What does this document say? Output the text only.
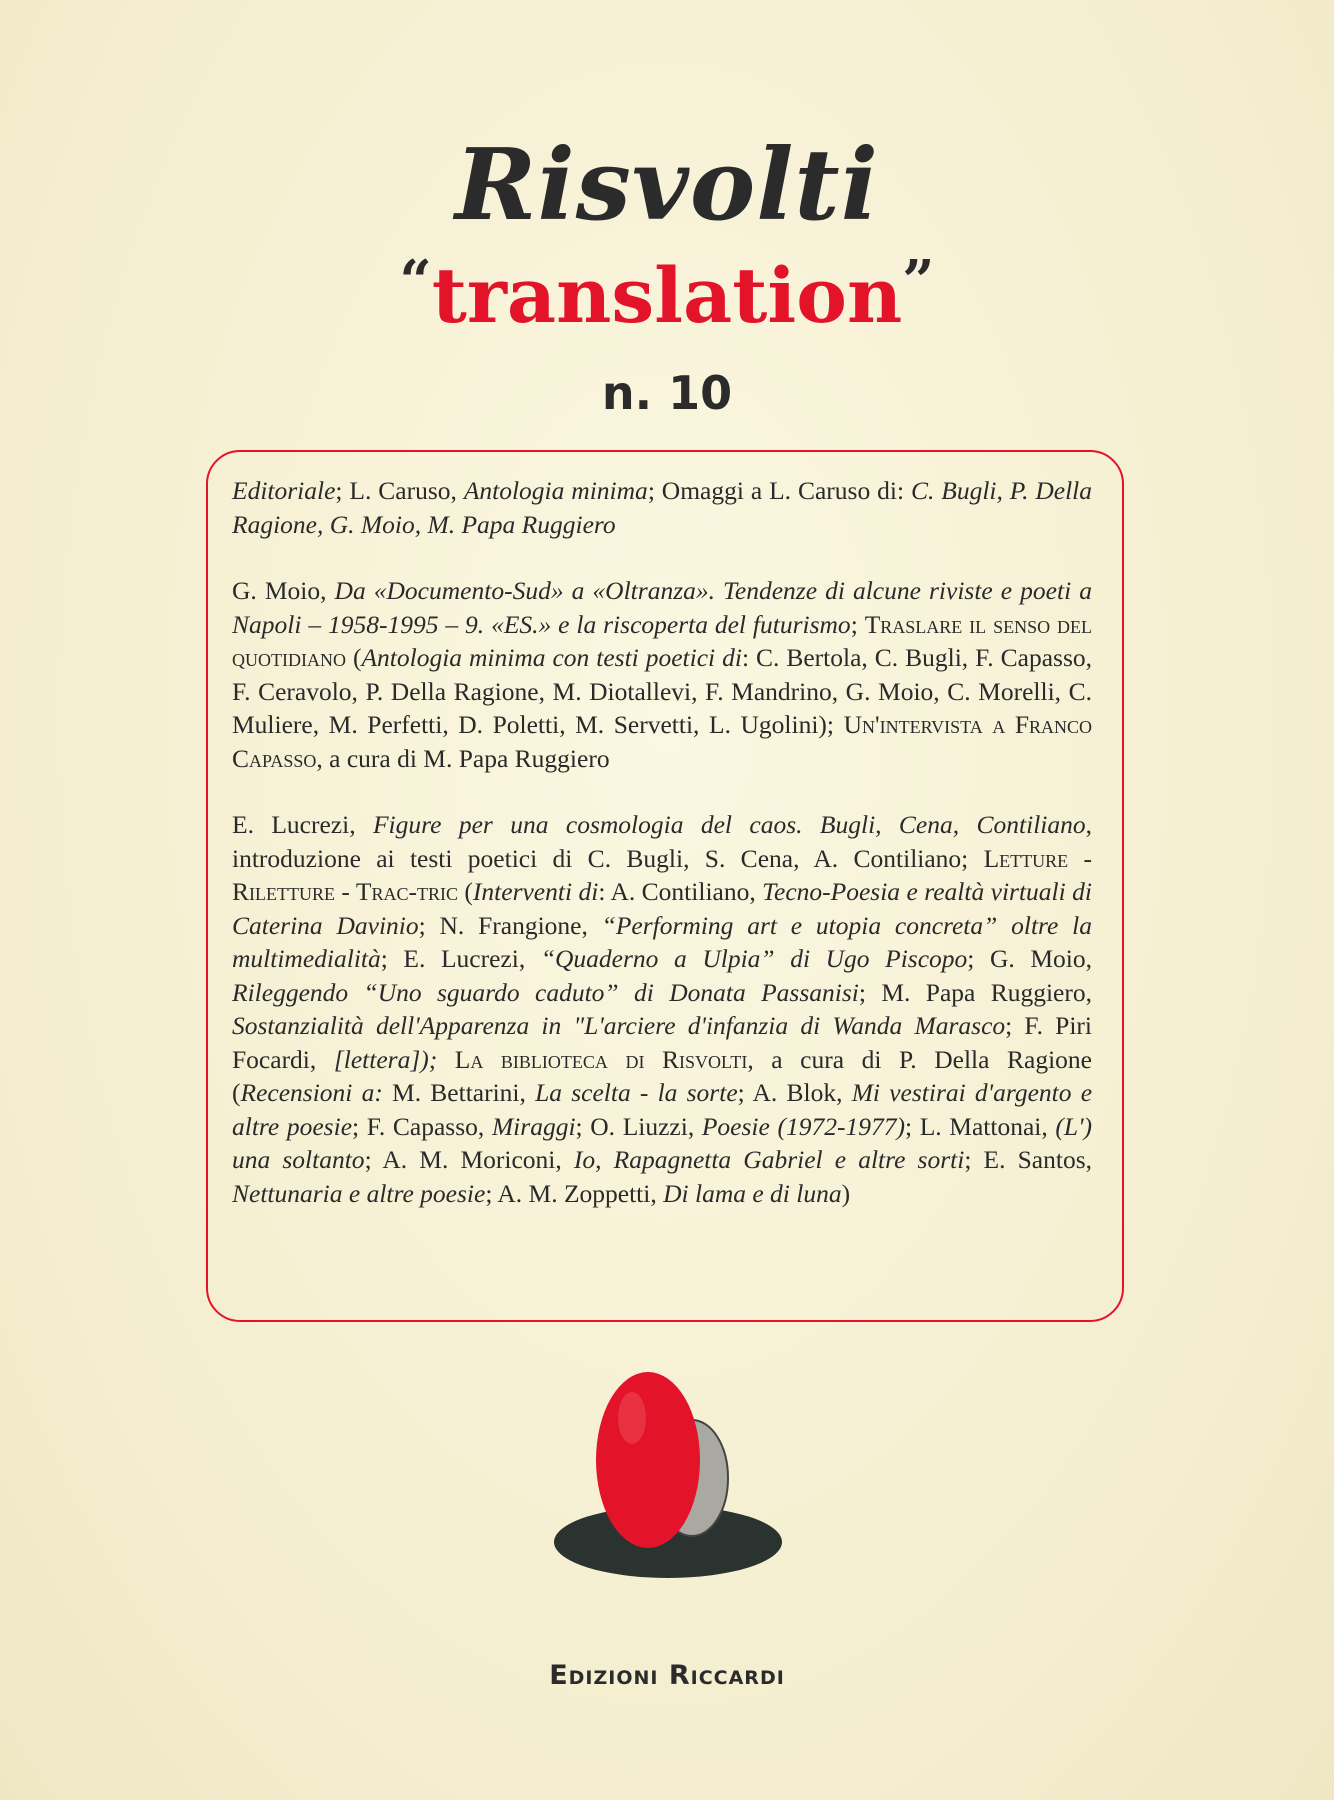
Risvolti
“translation”
n. 10

Editoriale; L. Caruso, Antologia minima; Omaggi a L. Caruso di: C. Bugli, P. Della Ragione, G. Moio, M. Papa Ruggiero

G. Moio, Da «Documento-Sud» a «Oltranza». Tendenze di alcune riviste e poeti a Napoli – 1958-1995 – 9. «ES.» e la riscoperta del futurismo; Traslare il senso del quotidiano (Antologia minima con testi poetici di: C. Bertola, C. Bugli, F. Capasso, F. Ceravolo, P. Della Ragione, M. Diotallevi, F. Mandrino, G. Moio, C. Morelli, C. Muliere, M. Perfetti, D. Poletti, M. Servetti, L. Ugolini); Un'intervista a Franco Capasso, a cura di M. Papa Ruggiero

E. Lucrezi, Figure per una cosmologia del caos. Bugli, Cena, Contiliano, introduzione ai testi poetici di C. Bugli, S. Cena, A. Contiliano; Letture - Riletture - Trac-tric (Interventi di: A. Contiliano, Tecno-Poesia e realtà virtuali di Caterina Davinio; N. Frangione, “Performing art e utopia concreta” oltre la multimedialità; E. Lucrezi, “Quaderno a Ulpia” di Ugo Piscopo; G. Moio, Rileggendo “Uno sguardo caduto” di Donata Passanisi; M. Papa Ruggiero, Sostanzialità dell'Apparenza in "L'arciere d'infanzia di Wanda Marasco; F. Piri Focardi, [lettera]); La biblioteca di Risvolti, a cura di P. Della Ragione (Recensioni a: M. Bettarini, La scelta - la sorte; A. Blok, Mi vestirai d'argento e altre poesie; F. Capasso, Miraggi; O. Liuzzi, Poesie (1972-1977); L. Mattonai, (L') una soltanto; A. M. Moriconi, Io, Rapagnetta Gabriel e altre sorti; E. Santos, Nettunaria e altre poesie; A. M. Zoppetti, Di lama e di luna)

Edizioni Riccardi
